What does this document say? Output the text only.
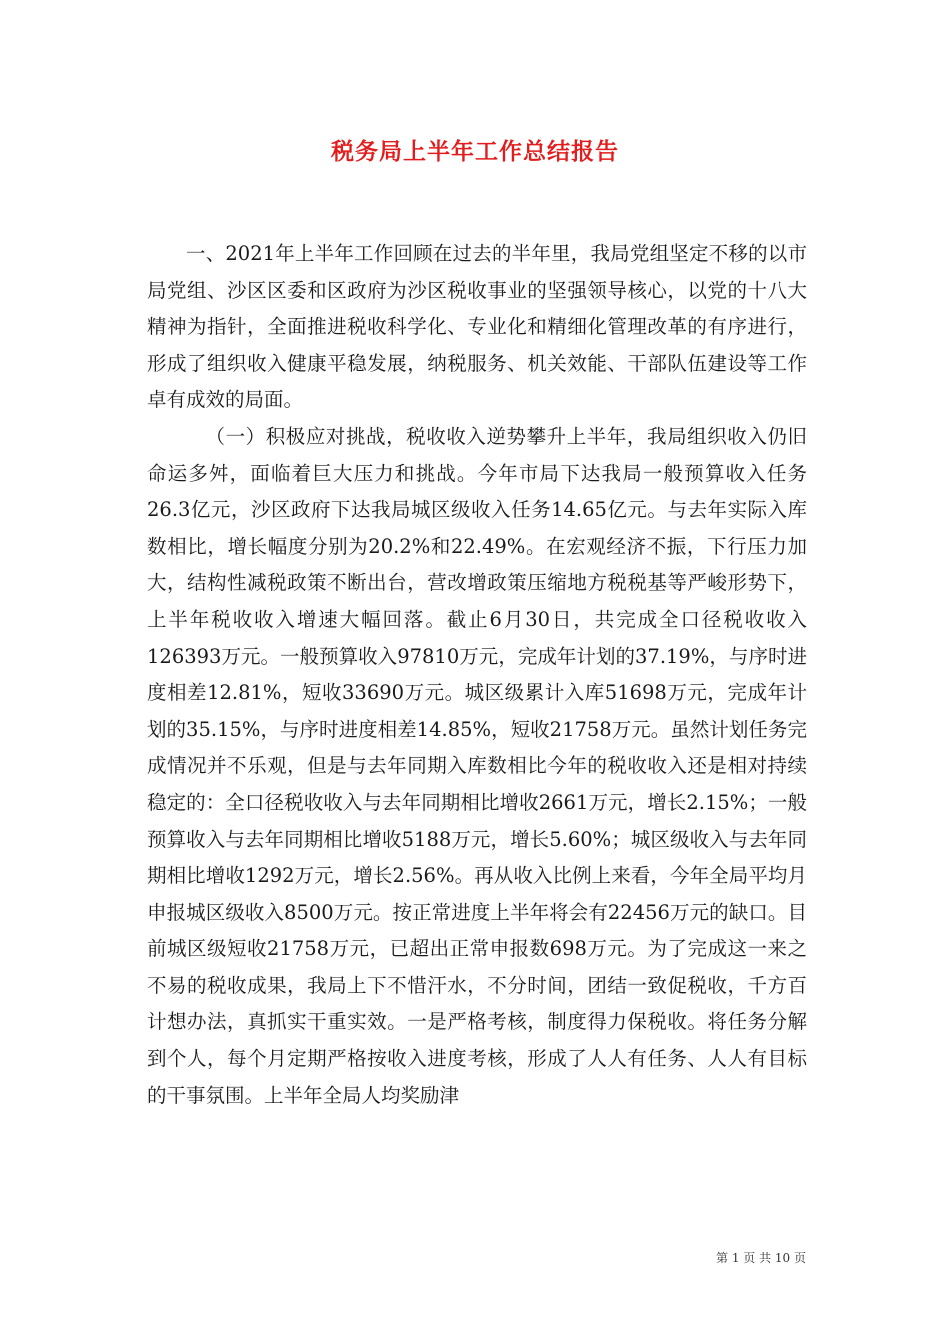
税务局上半年工作总结报告

一、2021年上半年工作回顾在过去的半年里，我局党组坚定不移的以市局党组、沙区区委和区政府为沙区税收事业的坚强领导核心，以党的十八大精神为指针，全面推进税收科学化、专业化和精细化管理改革的有序进行，形成了组织收入健康平稳发展，纳税服务、机关效能、干部队伍建设等工作卓有成效的局面。

（一）积极应对挑战，税收收入逆势攀升上半年，我局组织收入仍旧命运多舛，面临着巨大压力和挑战。今年市局下达我局一般预算收入任务26.3亿元，沙区政府下达我局城区级收入任务14.65亿元。与去年实际入库数相比，增长幅度分别为20.2%和22.49%。在宏观经济不振，下行压力加大，结构性减税政策不断出台，营改增政策压缩地方税税基等严峻形势下，上半年税收收入增速大幅回落。截止6月30日，共完成全口径税收收入126393万元。一般预算收入97810万元，完成年计划的37.19%，与序时进度相差12.81%，短收33690万元。城区级累计入库51698万元，完成年计划的35.15%，与序时进度相差14.85%，短收21758万元。虽然计划任务完成情况并不乐观，但是与去年同期入库数相比今年的税收收入还是相对持续稳定的：全口径税收收入与去年同期相比增收2661万元，增长2.15%；一般预算收入与去年同期相比增收5188万元，增长5.60%；城区级收入与去年同期相比增收1292万元，增长2.56%。再从收入比例上来看，今年全局平均月申报城区级收入8500万元。按正常进度上半年将会有22456万元的缺口。目前城区级短收21758万元，已超出正常申报数698万元。为了完成这一来之不易的税收成果，我局上下不惜汗水，不分时间，团结一致促税收，千方百计想办法，真抓实干重实效。一是严格考核，制度得力保税收。将任务分解到个人，每个月定期严格按收入进度考核，形成了人人有任务、人人有目标的干事氛围。上半年全局人均奖励津

第 1 页 共 10 页
